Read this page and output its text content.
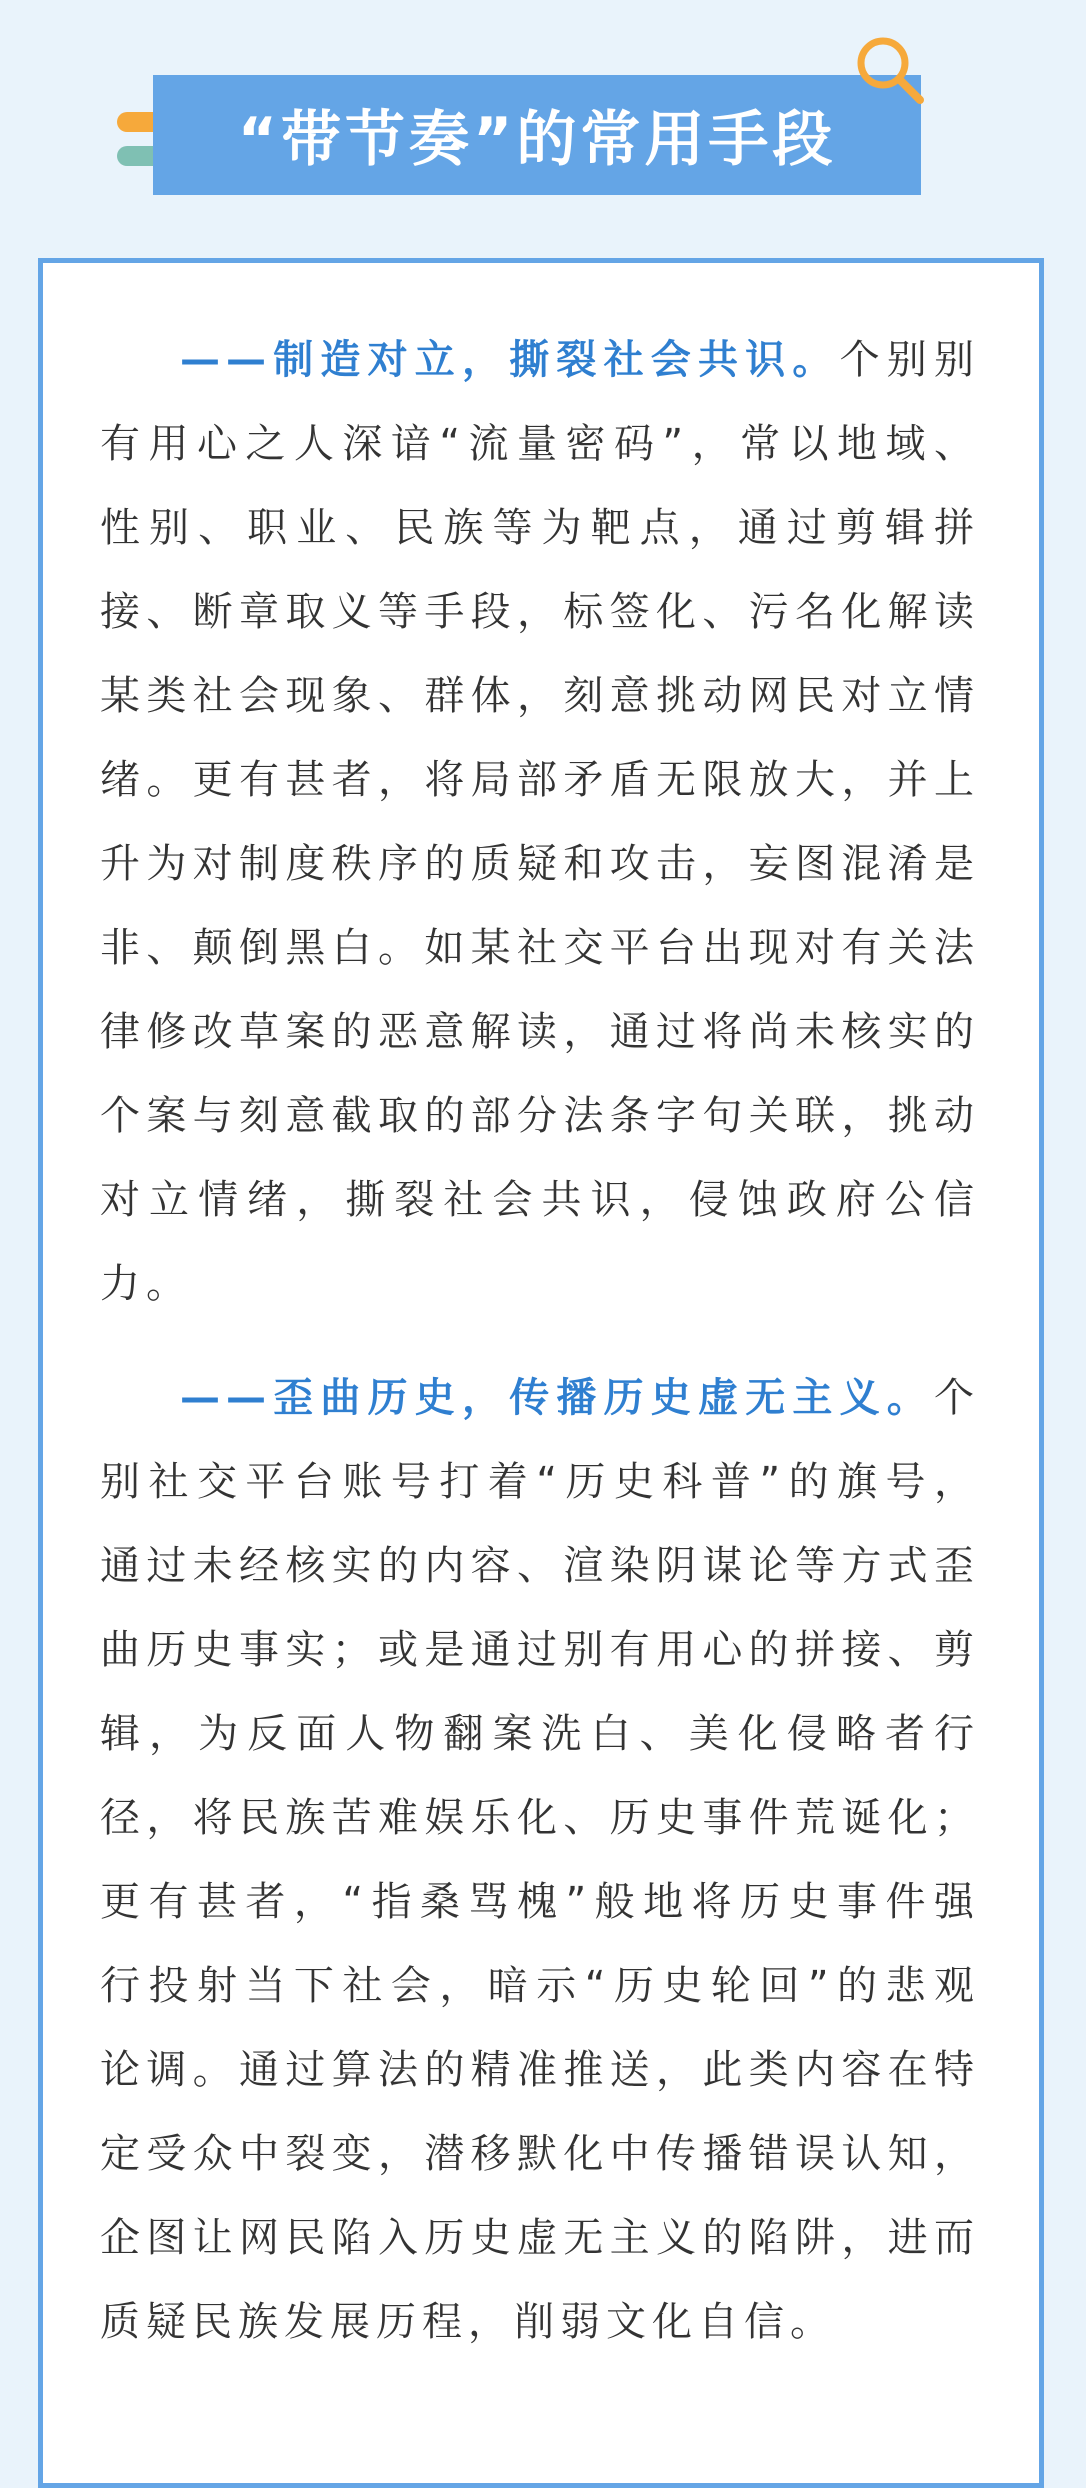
“带节奏”的常用手段

——制造对立，撕裂社会共识。个别别有用心之人深谙“流量密码”，常以地域、性别、职业、民族等为靶点，通过剪辑拼接、断章取义等手段，标签化、污名化解读某类社会现象、群体，刻意挑动网民对立情绪。更有甚者，将局部矛盾无限放大，并上升为对制度秩序的质疑和攻击，妄图混淆是非、颠倒黑白。如某社交平台出现对有关法律修改草案的恶意解读，通过将尚未核实的个案与刻意截取的部分法条字句关联，挑动对立情绪，撕裂社会共识，侵蚀政府公信力。

——歪曲历史，传播历史虚无主义。个别社交平台账号打着“历史科普”的旗号，通过未经核实的内容、渲染阴谋论等方式歪曲历史事实；或是通过别有用心的拼接、剪辑，为反面人物翻案洗白、美化侵略者行径，将民族苦难娱乐化、历史事件荒诞化；更有甚者，“指桑骂槐”般地将历史事件强行投射当下社会，暗示“历史轮回”的悲观论调。通过算法的精准推送，此类内容在特定受众中裂变，潜移默化中传播错误认知，企图让网民陷入历史虚无主义的陷阱，进而质疑民族发展历程，削弱文化自信。
